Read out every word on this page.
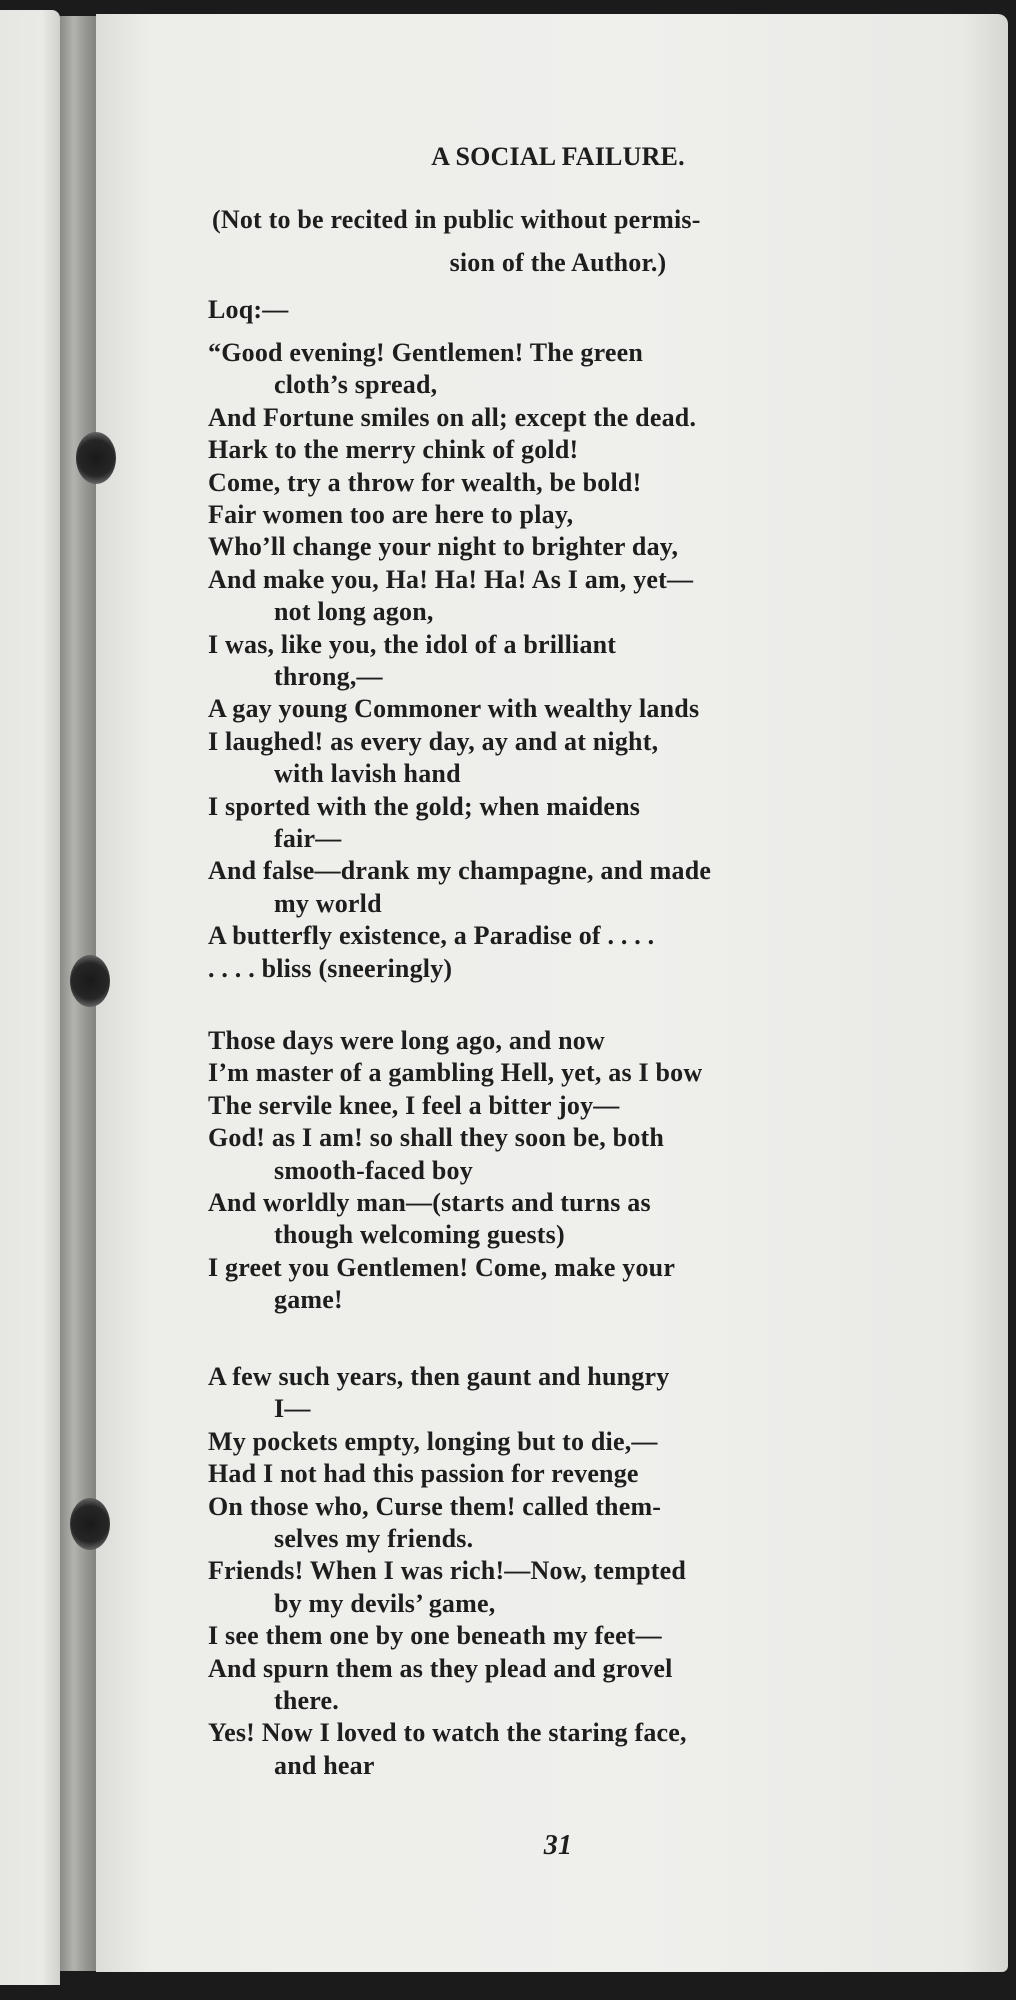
A SOCIAL FAILURE.
(Not to be recited in public without permis-
sion of the Author.)
Loq:—
“Good evening! Gentlemen! The green
cloth’s spread,
And Fortune smiles on all; except the dead.
Hark to the merry chink of gold!
Come, try a throw for wealth, be bold!
Fair women too are here to play,
Who’ll change your night to brighter day,
And make you, Ha! Ha! Ha! As I am, yet—
not long agon,
I was, like you, the idol of a brilliant
throng,—
A gay young Commoner with wealthy lands
I laughed! as every day, ay and at night,
with lavish hand
I sported with the gold; when maidens
fair—
And false—drank my champagne, and made
my world
A butterfly existence, a Paradise of . . . .
. . . . bliss (sneeringly)
Those days were long ago, and now
I’m master of a gambling Hell, yet, as I bow
The servile knee, I feel a bitter joy—
God! as I am! so shall they soon be, both
smooth-faced boy
And worldly man—(starts and turns as
though welcoming guests)
I greet you Gentlemen! Come, make your
game!
A few such years, then gaunt and hungry
I—
My pockets empty, longing but to die,—
Had I not had this passion for revenge
On those who, Curse them! called them-
selves my friends.
Friends! When I was rich!—Now, tempted
by my devils’ game,
I see them one by one beneath my feet—
And spurn them as they plead and grovel
there.
Yes! Now I loved to watch the staring face,
and hear
31
